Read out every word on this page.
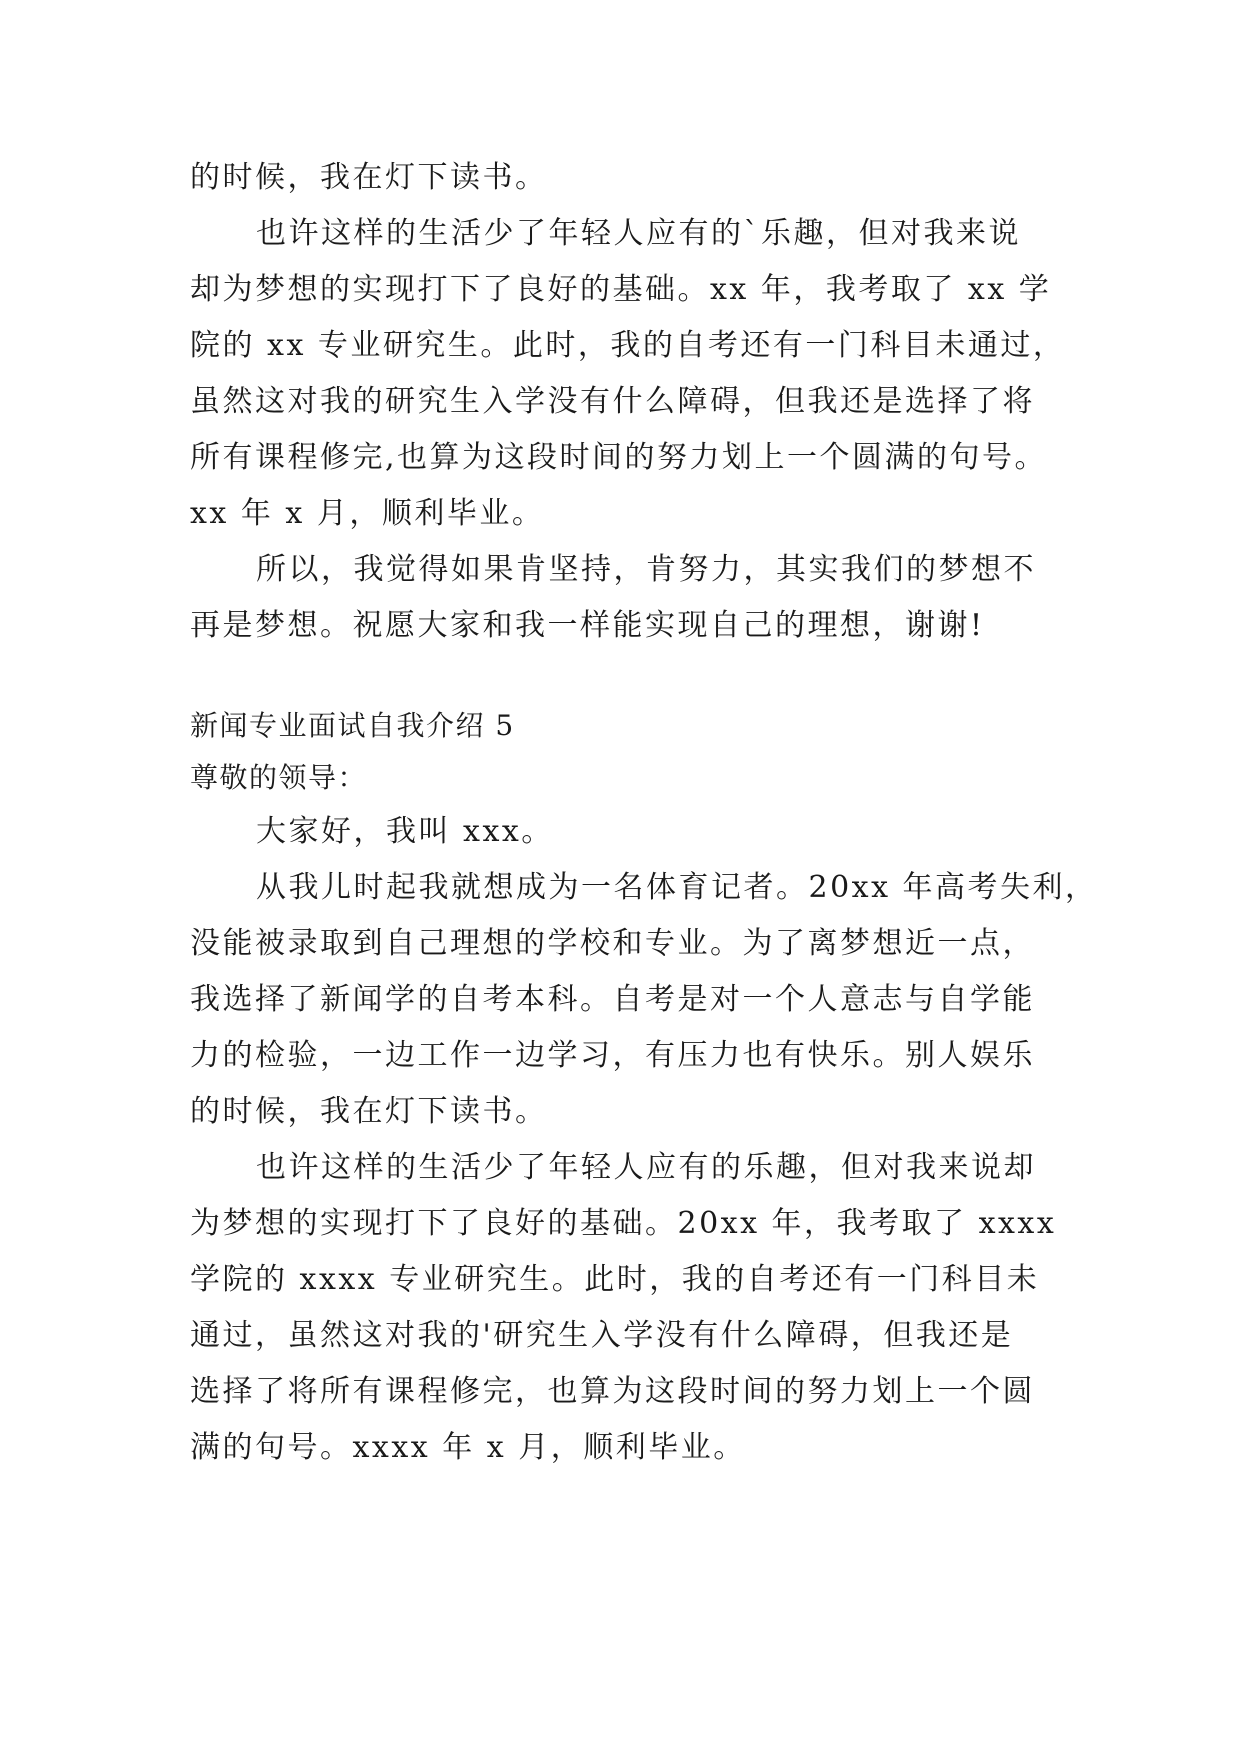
的时候，我在灯下读书。
也许这样的生活少了年轻人应有的`乐趣，但对我来说
却为梦想的实现打下了良好的基础。xx 年，我考取了 xx 学
院的 xx 专业研究生。此时，我的自考还有一门科目未通过，
虽然这对我的研究生入学没有什么障碍，但我还是选择了将
所有课程修完,也算为这段时间的努力划上一个圆满的句号。
xx 年 x 月，顺利毕业。
所以，我觉得如果肯坚持，肯努力，其实我们的梦想不
再是梦想。祝愿大家和我一样能实现自己的理想，谢谢!
新闻专业面试自我介绍 5
尊敬的领导：
大家好，我叫 xxx。
从我儿时起我就想成为一名体育记者。20xx 年高考失利，
没能被录取到自己理想的学校和专业。为了离梦想近一点，
我选择了新闻学的自考本科。自考是对一个人意志与自学能
力的检验，一边工作一边学习，有压力也有快乐。别人娱乐
的时候，我在灯下读书。
也许这样的生活少了年轻人应有的乐趣，但对我来说却
为梦想的实现打下了良好的基础。20xx 年，我考取了 xxxx
学院的 xxxx 专业研究生。此时，我的自考还有一门科目未
通过，虽然这对我的'研究生入学没有什么障碍，但我还是
选择了将所有课程修完，也算为这段时间的努力划上一个圆
满的句号。xxxx 年 x 月，顺利毕业。
